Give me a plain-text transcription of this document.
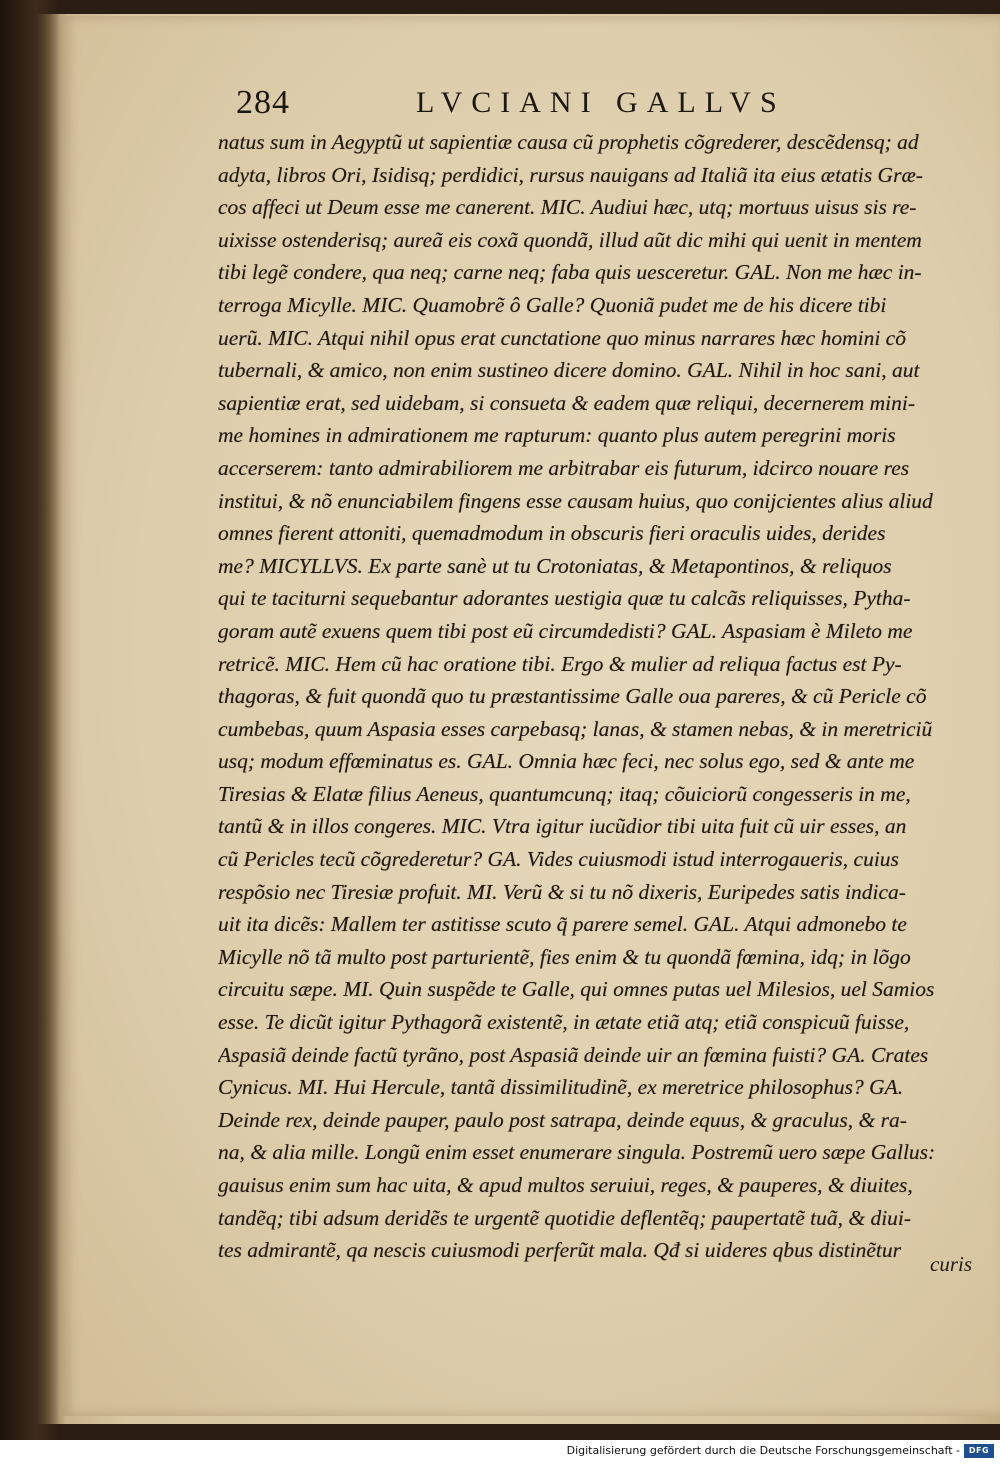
284	LVCIANI GALLVS
natus sum in Aegyptũ ut sapientiæ causa cũ prophetis cõgrederer, descẽdensq; ad
adyta, libros Ori, Isidisq; perdidici, rursus nauigans ad Italiã ita eius ætatis Græ-
cos affeci ut Deum esse me canerent. MIC. Audiui hæc, utq; mortuus uisus sis re-
uixisse ostenderisq; aureã eis coxã quondã, illud aũt dic mihi qui uenit in mentem
tibi legẽ condere, qua neq; carne neq; faba quis uesceretur. GAL. Non me hæc in-
terroga Micylle. MIC. Quamobrẽ ô Galle? Quoniã pudet me de his dicere tibi
uerũ. MIC. Atqui nihil opus erat cunctatione quo minus narrares hæc homini cõ
tubernali, & amico, non enim sustineo dicere domino. GAL. Nihil in hoc sani, aut
sapientiæ erat, sed uidebam, si consueta & eadem quæ reliqui, decernerem mini-
me homines in admirationem me rapturum: quanto plus autem peregrini moris
accerserem: tanto admirabiliorem me arbitrabar eis futurum, idcirco nouare res
institui, & nõ enunciabilem fingens esse causam huius, quo conijcientes alius aliud
omnes fierent attoniti, quemadmodum in obscuris fieri oraculis uides, derides
me? MICYLLVS. Ex parte sanè ut tu Crotoniatas, & Metapontinos, & reliquos
qui te taciturni sequebantur adorantes uestigia quæ tu calcãs reliquisses, Pytha-
goram autẽ exuens quem tibi post eũ circumdedisti? GAL. Aspasiam è Mileto me
retricẽ. MIC. Hem cũ hac oratione tibi. Ergo & mulier ad reliqua factus est Py-
thagoras, & fuit quondã quo tu præstantissime Galle oua pareres, & cũ Pericle cõ
cumbebas, quum Aspasia esses carpebasq; lanas, & stamen nebas, & in meretriciũ
usq; modum effœminatus es. GAL. Omnia hæc feci, nec solus ego, sed & ante me
Tiresias & Elatæ filius Aeneus, quantumcunq; itaq; cõuiciorũ congesseris in me,
tantũ & in illos congeres. MIC. Vtra igitur iucũdior tibi uita fuit cũ uir esses, an
cũ Pericles tecũ cõgrederetur? GA. Vides cuiusmodi istud interrogaueris, cuius
respõsio nec Tiresiæ profuit. MI. Verũ & si tu nõ dixeris, Euripedes satis indica-
uit ita dicẽs: Mallem ter astitisse scuto q̃ parere semel. GAL. Atqui admonebo te
Micylle nõ tã multo post parturientẽ, fies enim & tu quondã fœmina, idq; in lõgo
circuitu sæpe. MI. Quin suspẽde te Galle, qui omnes putas uel Milesios, uel Samios
esse. Te dicũt igitur Pythagorã existentẽ, in ætate etiã atq; etiã conspicuũ fuisse,
Aspasiã deinde factũ tyrãno, post Aspasiã deinde uir an fœmina fuisti? GA. Crates
Cynicus. MI. Hui Hercule, tantã dissimilitudinẽ, ex meretrice philosophus? GA.
Deinde rex, deinde pauper, paulo post satrapa, deinde equus, & graculus, & ra-
na, & alia mille. Longũ enim esset enumerare singula. Postremũ uero sæpe Gallus:
gauisus enim sum hac uita, & apud multos seruiui, reges, & pauperes, & diuites,
tandẽq; tibi adsum deridẽs te urgentẽ quotidie deflentẽq; paupertatẽ tuã, & diui-
tes admirantẽ, qa nescis cuiusmodi perferũt mala. Qđ si uideres qbus distinẽtur
curis
Digitalisierung gefördert durch die Deutsche Forschungsgemeinschaft -	DFG
